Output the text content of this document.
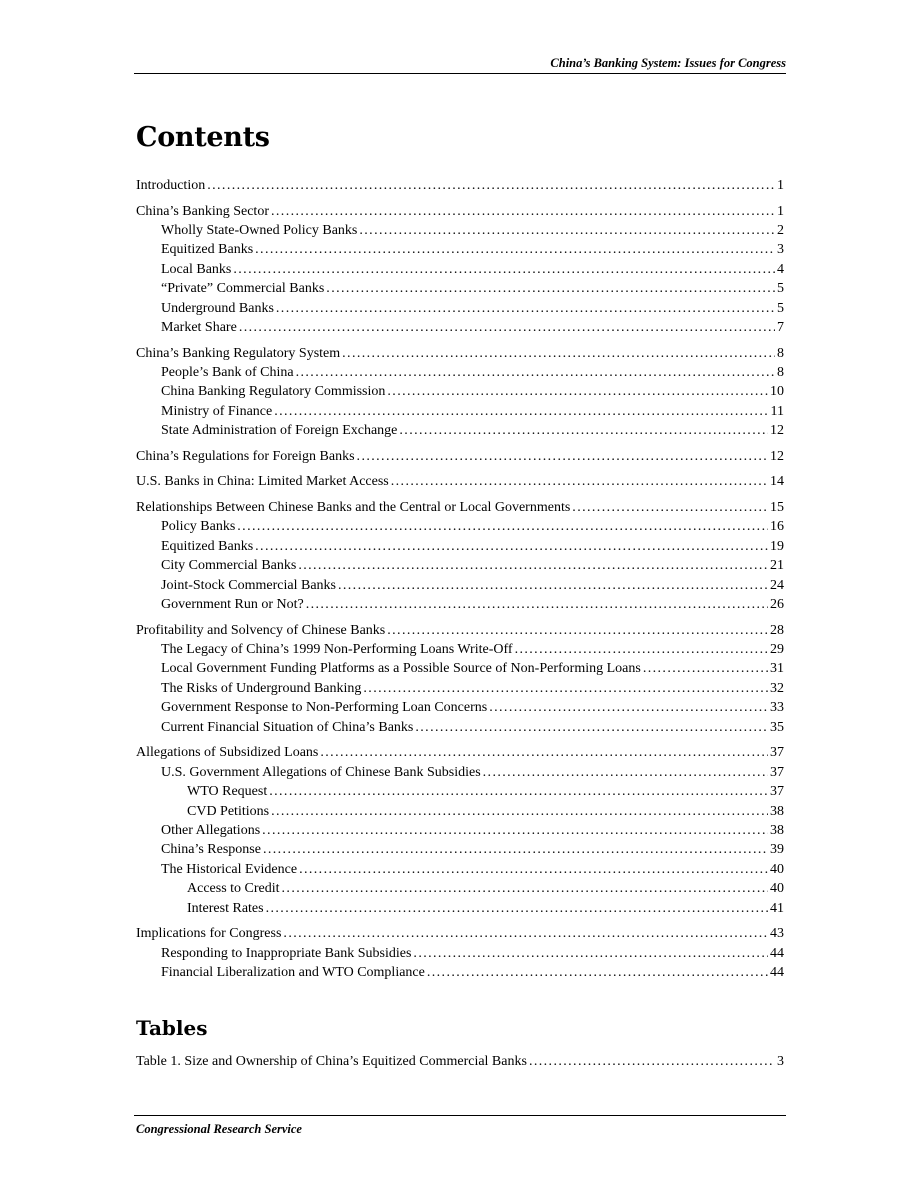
China’s Banking System: Issues for Congress
Contents
Introduction . . .	1
China’s Banking Sector . . .	1
Wholly State-Owned Policy Banks . . .	2
Equitized Banks . . .	3
Local Banks . . .	4
“Private” Commercial Banks . . .	5
Underground Banks . . .	5
Market Share . . .	7
China’s Banking Regulatory System . . .	8
People’s Bank of China . . .	8
China Banking Regulatory Commission . . .	10
Ministry of Finance . . .	11
State Administration of Foreign Exchange . . .	12
China’s Regulations for Foreign Banks . . .	12
U.S. Banks in China: Limited Market Access . . .	14
Relationships Between Chinese Banks and the Central or Local Governments . . .	15
Policy Banks . . .	16
Equitized Banks . . .	19
City Commercial Banks . . .	21
Joint-Stock Commercial Banks . . .	24
Government Run or Not? . . .	26
Profitability and Solvency of Chinese Banks . . .	28
The Legacy of China’s 1999 Non-Performing Loans Write-Off . . .	29
Local Government Funding Platforms as a Possible Source of Non-Performing Loans . . .	31
The Risks of Underground Banking . . .	32
Government Response to Non-Performing Loan Concerns . . .	33
Current Financial Situation of China’s Banks . . .	35
Allegations of Subsidized Loans . . .	37
U.S. Government Allegations of Chinese Bank Subsidies . . .	37
WTO Request . . .	37
CVD Petitions . . .	38
Other Allegations . . .	38
China’s Response . . .	39
The Historical Evidence . . .	40
Access to Credit . . .	40
Interest Rates . . .	41
Implications for Congress . . .	43
Responding to Inappropriate Bank Subsidies . . .	44
Financial Liberalization and WTO Compliance . . .	44
Tables
Table 1. Size and Ownership of China’s Equitized Commercial Banks . . .	3
Congressional Research Service
